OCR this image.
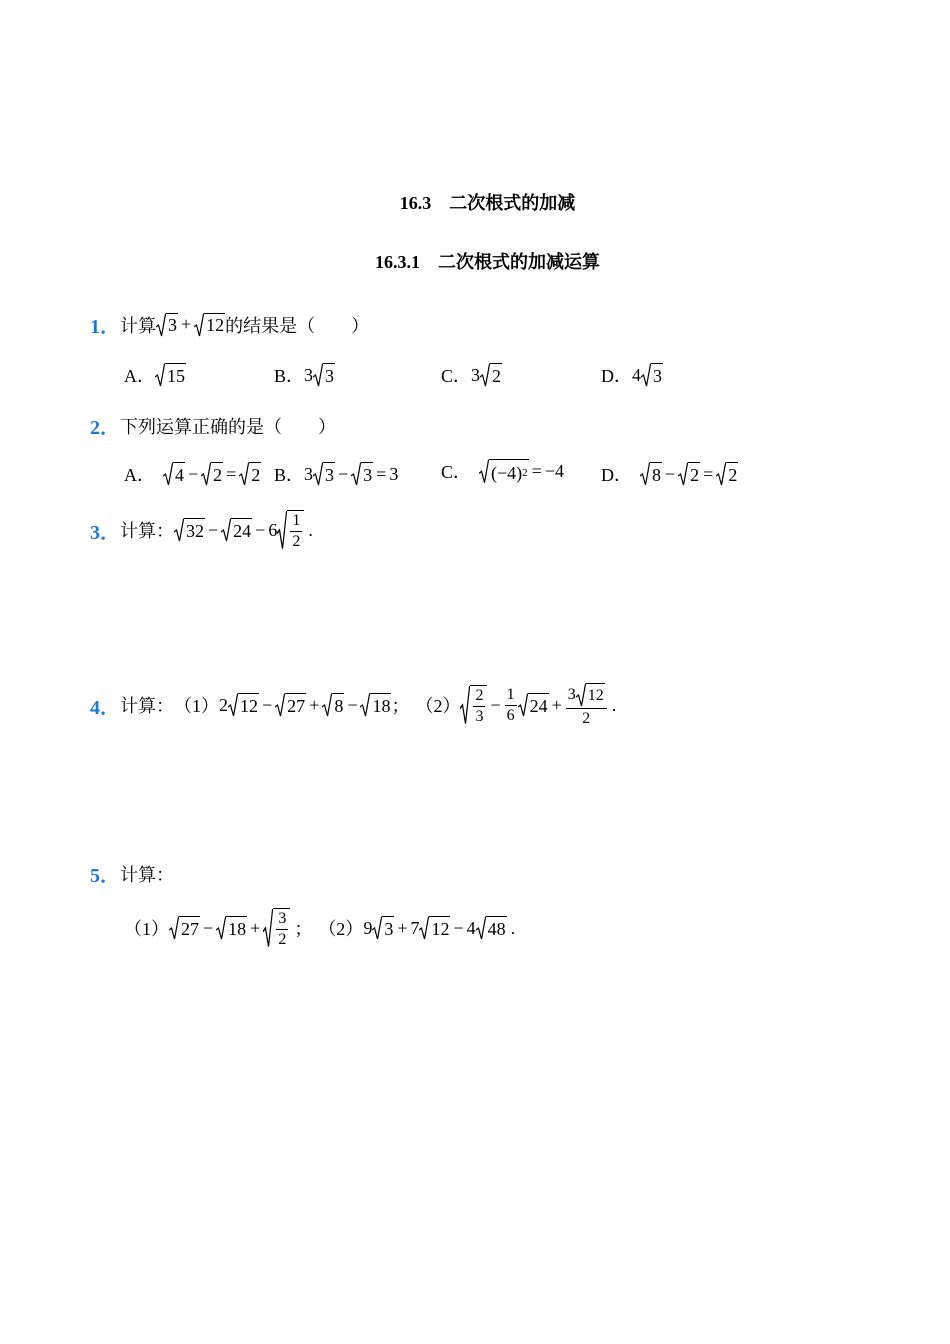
16.3　二次根式的加减
16.3.1　二次根式的加减运算
1． 计算 3 + 12 的结果是（　　）
A． 15	B． 3 3	C． 3 2	D． 4 3
2． 下列运算正确的是（　　）
A． 4 − 2 = 2 B． 3 3 − 3 = 3 C． (−4) 2 = −4 D． 8 − 2 = 2
3． 计算： $32 - 24 - 6 \frac{1}{2}$ .
4． 计算： （1） 2 12 − 27 + 8 − 18 ； $(2) \frac{2}{3} - \frac{1}{6} 24 + \frac{3 12}{2}$ .
5． 计算：
（1） $27 - 18 + \frac{3}{2}$ ； （2） 9 3 + 7 12 − 4 48 .
